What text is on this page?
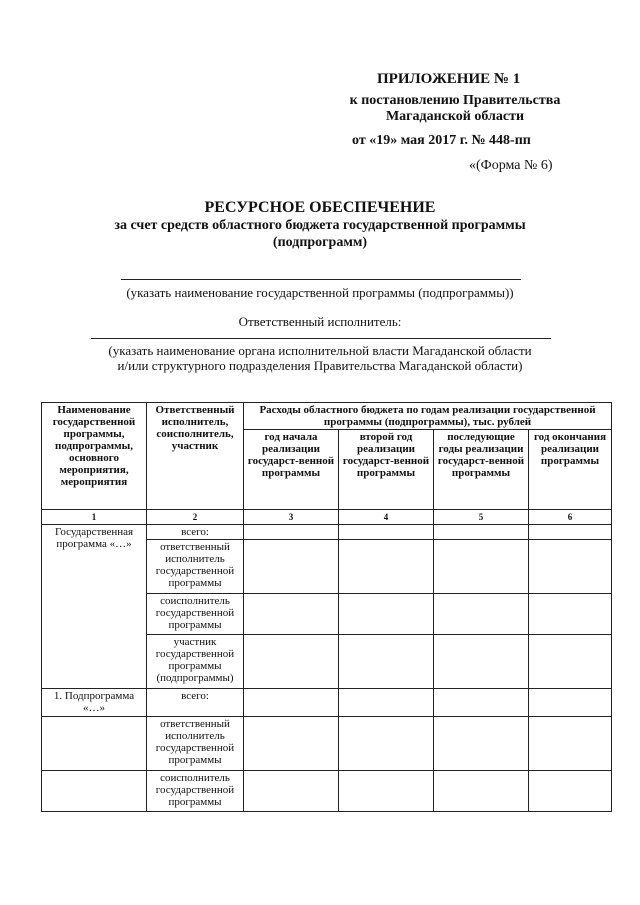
ПРИЛОЖЕНИЕ № 1
к постановлению Правительства
Магаданской области
от «19» мая 2017 г. № 448-пп
«(Форма № 6)
РЕСУРСНОЕ ОБЕСПЕЧЕНИЕ
за счет средств областного бюджета государственной программы
(подпрограмм)
(указать наименование государственной программы (подпрограммы))
Ответственный исполнитель:
(указать наименование органа исполнительной власти Магаданской области
и/или структурного подразделения Правительства Магаданской области)
Наименование государственной программы, подпрограммы, основного мероприятия, мероприятия	Ответственный исполнитель, соисполнитель, участник	Расходы областного бюджета по годам реализации государственной программы (подпрограммы), тыс. рублей			
		год начала реализации государст-венной программы	второй год реализации государст-венной программы	последующие годы реализации государст-венной программы	год окончания реализации программы
1	2	3	4	5	6
Государственная программа «…»	всего:				
	ответственный исполнитель государственной программы				
	соисполнитель государственной программы				
	участник государственной программы (подпрограммы)				
1. Подпрограмма «…»	всего:				
	ответственный исполнитель государственной программы				
	соисполнитель государственной программы				
